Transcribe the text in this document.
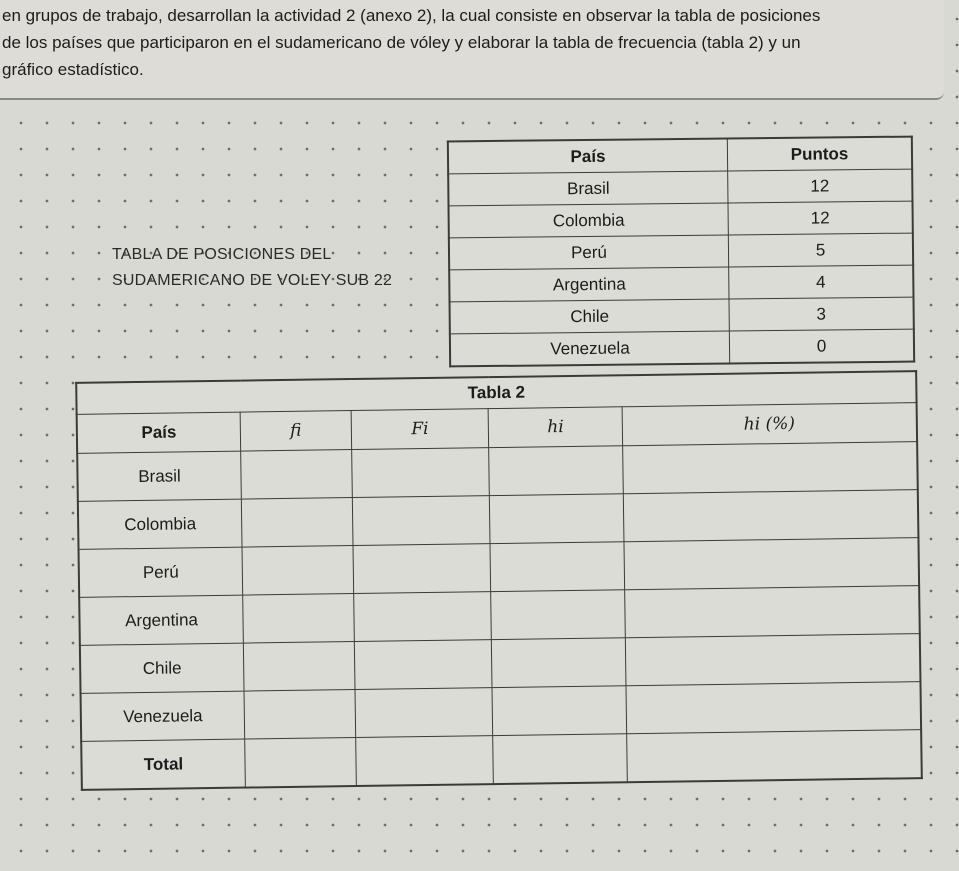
en grupos de trabajo, desarrollan la actividad 2 (anexo 2), la cual consiste en observar la tabla de posiciones

de los países que participaron en el sudamericano de vóley y elaborar la tabla de frecuencia (tabla 2) y un

gráfico estadístico.

TABLA DE POSICIONES DEL
SUDAMERICANO DE VOLEY SUB 22
País	Puntos
Brasil	12
Colombia	12
Perú	5
Argentina	4
Chile	3
Venezuela	0
Tabla 2				
País	fi	Fi	hi	hi (%)
Brasil				
Colombia				
Perú				
Argentina				
Chile				
Venezuela				
Total				
